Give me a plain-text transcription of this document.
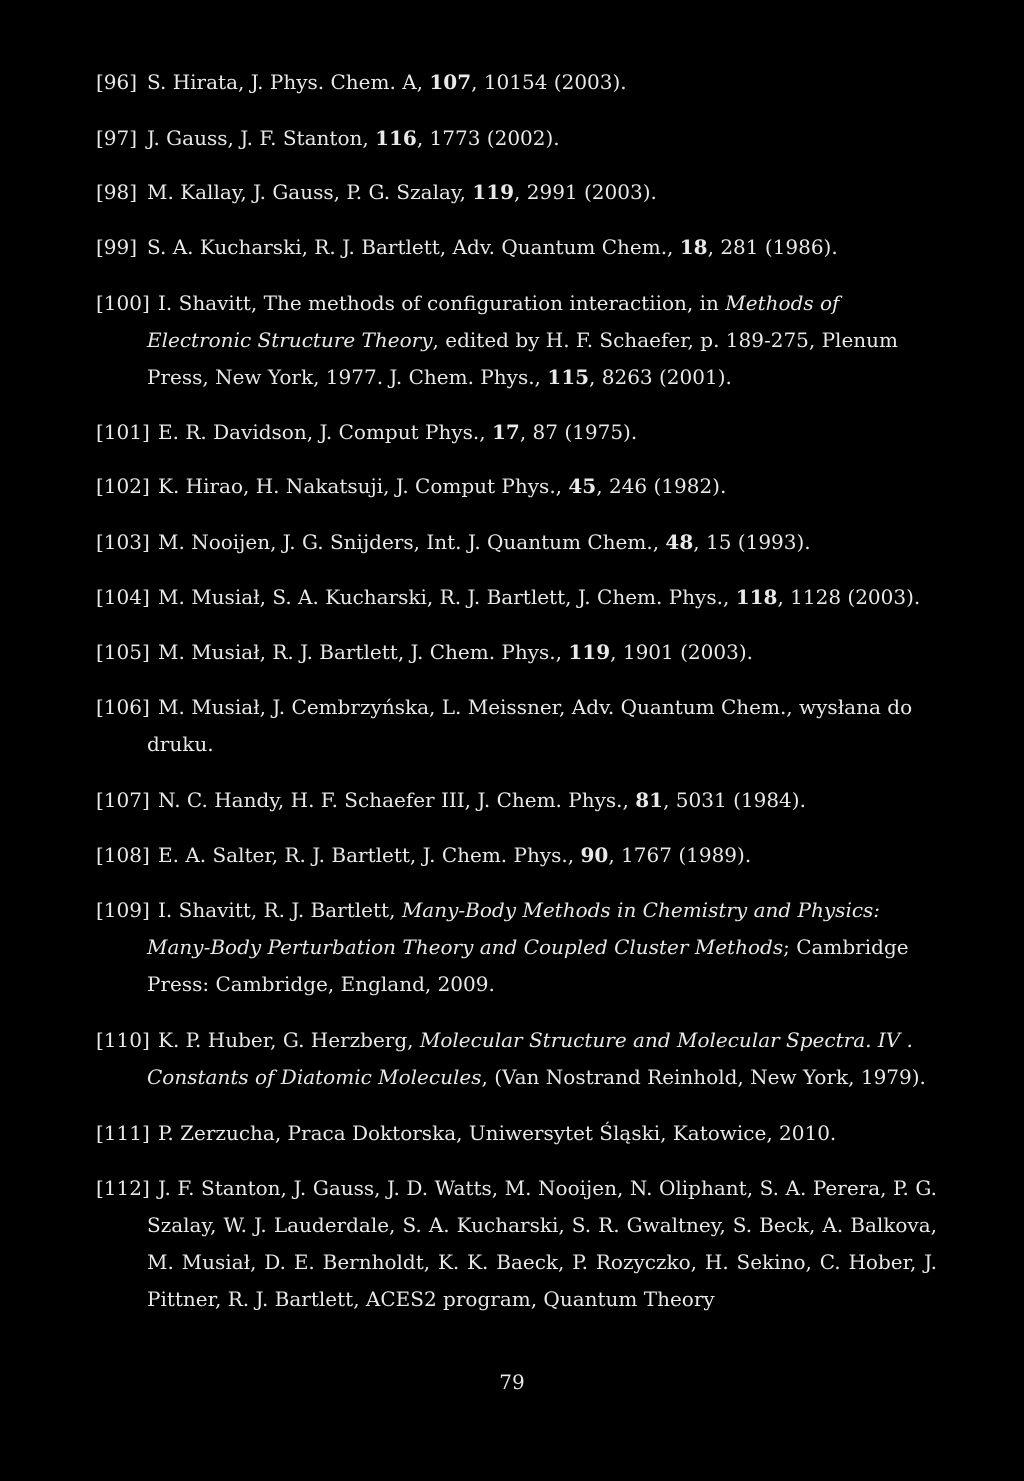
[96] S. Hirata, J. Phys. Chem. A, 107, 10154 (2003).
[97] J. Gauss, J. F. Stanton, 116, 1773 (2002).
[98] M. Kallay, J. Gauss, P. G. Szalay, 119, 2991 (2003).
[99] S. A. Kucharski, R. J. Bartlett, Adv. Quantum Chem., 18, 281 (1986).
[100] I. Shavitt, The methods of configuration interactiion, in Methods of Electronic Structure Theory, edited by H. F. Schaefer, p. 189-275, Plenum Press, New York, 1977. J. Chem. Phys., 115, 8263 (2001).
[101] E. R. Davidson, J. Comput Phys., 17, 87 (1975).
[102] K. Hirao, H. Nakatsuji, J. Comput Phys., 45, 246 (1982).
[103] M. Nooijen, J. G. Snijders, Int. J. Quantum Chem., 48, 15 (1993).
[104] M. Musiał, S. A. Kucharski, R. J. Bartlett, J. Chem. Phys., 118, 1128 (2003).
[105] M. Musiał, R. J. Bartlett, J. Chem. Phys., 119, 1901 (2003).
[106] M. Musiał, J. Cembrzyńska, L. Meissner, Adv. Quantum Chem., wysłana do druku.
[107] N. C. Handy, H. F. Schaefer III, J. Chem. Phys., 81, 5031 (1984).
[108] E. A. Salter, R. J. Bartlett, J. Chem. Phys., 90, 1767 (1989).
[109] I. Shavitt, R. J. Bartlett, Many-Body Methods in Chemistry and Physics: Many-Body Perturbation Theory and Coupled Cluster Methods; Cambridge Press: Cambridge, England, 2009.
[110] K. P. Huber, G. Herzberg, Molecular Structure and Molecular Spectra. IV . Constants of Diatomic Molecules, (Van Nostrand Reinhold, New York, 1979).
[111] P. Zerzucha, Praca Doktorska, Uniwersytet Śląski, Katowice, 2010.
[112] J. F. Stanton, J. Gauss, J. D. Watts, M. Nooijen, N. Oliphant, S. A. Perera, P. G. Szalay, W. J. Lauderdale, S. A. Kucharski, S. R. Gwaltney, S. Beck, A. Balkova, M. Musiał, D. E. Bernholdt, K. K. Baeck, P. Rozyczko, H. Sekino, C. Hober, J. Pittner, R. J. Bartlett, ACES2 program, Quantum Theory
79
